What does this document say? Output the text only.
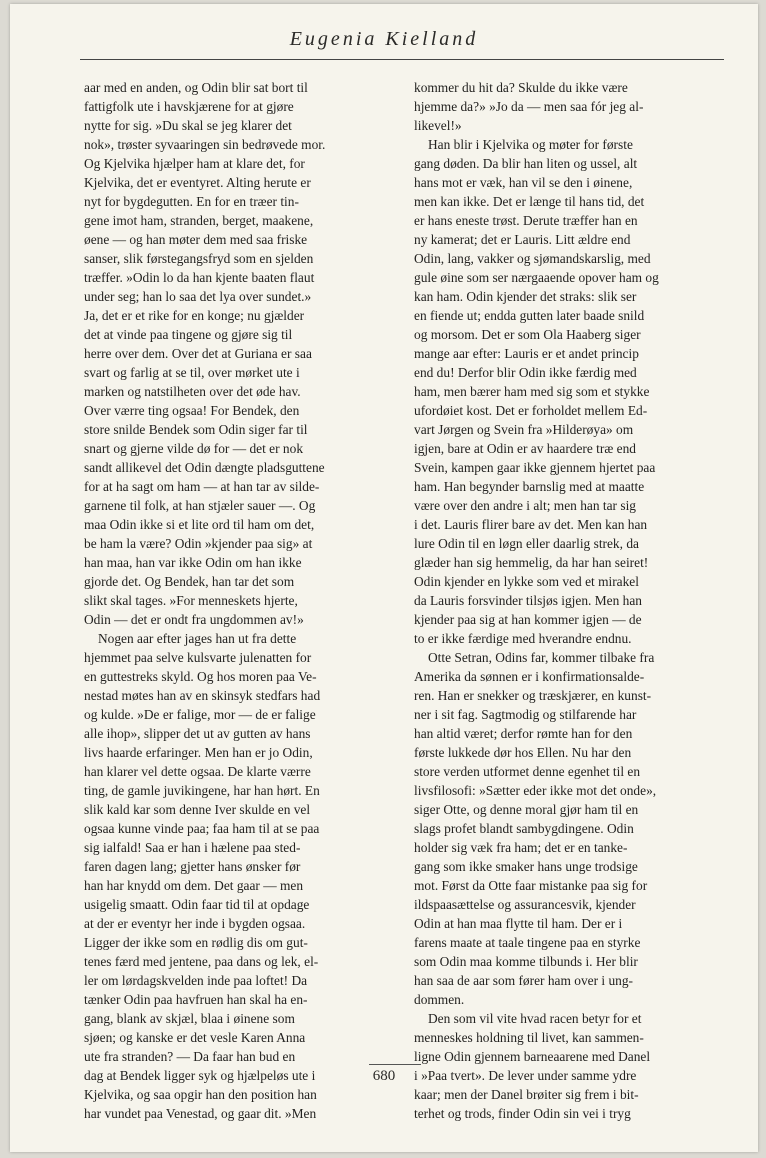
Eugenia Kielland
aar med en anden, og Odin blir sat bort til
fattigfolk ute i havskjærene for at gjøre
nytte for sig. »Du skal se jeg klarer det
nok», trøster syvaaringen sin bedrøvede mor.
Og Kjelvika hjælper ham at klare det, for
Kjelvika, det er eventyret. Alting herute er
nyt for bygdegutten. En for en træer tin-
gene imot ham, stranden, berget, maakene,
øene — og han møter dem med saa friske
sanser, slik førstegangsfryd som en sjelden
træffer. »Odin lo da han kjente baaten flaut
under seg; han lo saa det lya over sundet.»
Ja, det er et rike for en konge; nu gjælder
det at vinde paa tingene og gjøre sig til
herre over dem. Over det at Guriana er saa
svart og farlig at se til, over mørket ute i
marken og natstilheten over det øde hav.
Over værre ting ogsaa! For Bendek, den
store snilde Bendek som Odin siger far til
snart og gjerne vilde dø for — det er nok
sandt allikevel det Odin dængte pladsguttene
for at ha sagt om ham — at han tar av silde-
garnene til folk, at han stjæler sauer —. Og
maa Odin ikke si et lite ord til ham om det,
be ham la være? Odin »kjender paa sig» at
han maa, han var ikke Odin om han ikke
gjorde det. Og Bendek, han tar det som
slikt skal tages. »For menneskets hjerte,
Odin — det er ondt fra ungdommen av!»
Nogen aar efter jages han ut fra dette
hjemmet paa selve kulsvarte julenatten for
en guttestreks skyld. Og hos moren paa Ve-
nestad møtes han av en skinsyk stedfars had
og kulde. »De er falige, mor — de er falige
alle ihop», slipper det ut av gutten av hans
livs haarde erfaringer. Men han er jo Odin,
han klarer vel dette ogsaa. De klarte værre
ting, de gamle juvikingene, har han hørt. En
slik kald kar som denne Iver skulde en vel
ogsaa kunne vinde paa; faa ham til at se paa
sig ialfald! Saa er han i hælene paa sted-
faren dagen lang; gjetter hans ønsker før
han har knydd om dem. Det gaar — men
usigelig smaatt. Odin faar tid til at opdage
at der er eventyr her inde i bygden ogsaa.
Ligger der ikke som en rødlig dis om gut-
tenes færd med jentene, paa dans og lek, el-
ler om lørdagskvelden inde paa loftet! Da
tænker Odin paa havfruen han skal ha en-
gang, blank av skjæl, blaa i øinene som
sjøen; og kanske er det vesle Karen Anna
ute fra stranden? — Da faar han bud en
dag at Bendek ligger syk og hjælpeløs ute i
Kjelvika, og saa opgir han den position han
har vundet paa Venestad, og gaar dit. »Men
kommer du hit da? Skulde du ikke være
hjemme da?» »Jo da — men saa fór jeg al-
likevel!»
Han blir i Kjelvika og møter for første
gang døden. Da blir han liten og ussel, alt
hans mot er væk, han vil se den i øinene,
men kan ikke. Det er længe til hans tid, det
er hans eneste trøst. Derute træffer han en
ny kamerat; det er Lauris. Litt ældre end
Odin, lang, vakker og sjømandskarslig, med
gule øine som ser nærgaaende opover ham og
kan ham. Odin kjender det straks: slik ser
en fiende ut; endda gutten later baade snild
og morsom. Det er som Ola Haaberg siger
mange aar efter: Lauris er et andet princip
end du! Derfor blir Odin ikke færdig med
ham, men bærer ham med sig som et stykke
ufordøiet kost. Det er forholdet mellem Ed-
vart Jørgen og Svein fra »Hilderøya» om
igjen, bare at Odin er av haardere træ end
Svein, kampen gaar ikke gjennem hjertet paa
ham. Han begynder barnslig med at maatte
være over den andre i alt; men han tar sig
i det. Lauris flirer bare av det. Men kan han
lure Odin til en løgn eller daarlig strek, da
glæder han sig hemmelig, da har han seiret!
Odin kjender en lykke som ved et mirakel
da Lauris forsvinder tilsjøs igjen. Men han
kjender paa sig at han kommer igjen — de
to er ikke færdige med hverandre endnu.
Otte Setran, Odins far, kommer tilbake fra
Amerika da sønnen er i konfirmationsalde-
ren. Han er snekker og træskjærer, en kunst-
ner i sit fag. Sagtmodig og stilfarende har
han altid været; derfor rømte han for den
første lukkede dør hos Ellen. Nu har den
store verden utformet denne egenhet til en
livsfilosofi: »Sætter eder ikke mot det onde»,
siger Otte, og denne moral gjør ham til en
slags profet blandt sambygdingene. Odin
holder sig væk fra ham; det er en tanke-
gang som ikke smaker hans unge trodsige
mot. Først da Otte faar mistanke paa sig for
ildspaasættelse og assurancesvik, kjender
Odin at han maa flytte til ham. Der er i
farens maate at taale tingene paa en styrke
som Odin maa komme tilbunds i. Her blir
han saa de aar som fører ham over i ung-
dommen.
Den som vil vite hvad racen betyr for et
menneskes holdning til livet, kan sammen-
ligne Odin gjennem barneaarene med Danel
i »Paa tvert». De lever under samme ydre
kaar; men der Danel brøiter sig frem i bit-
terhet og trods, finder Odin sin vei i tryg
680
